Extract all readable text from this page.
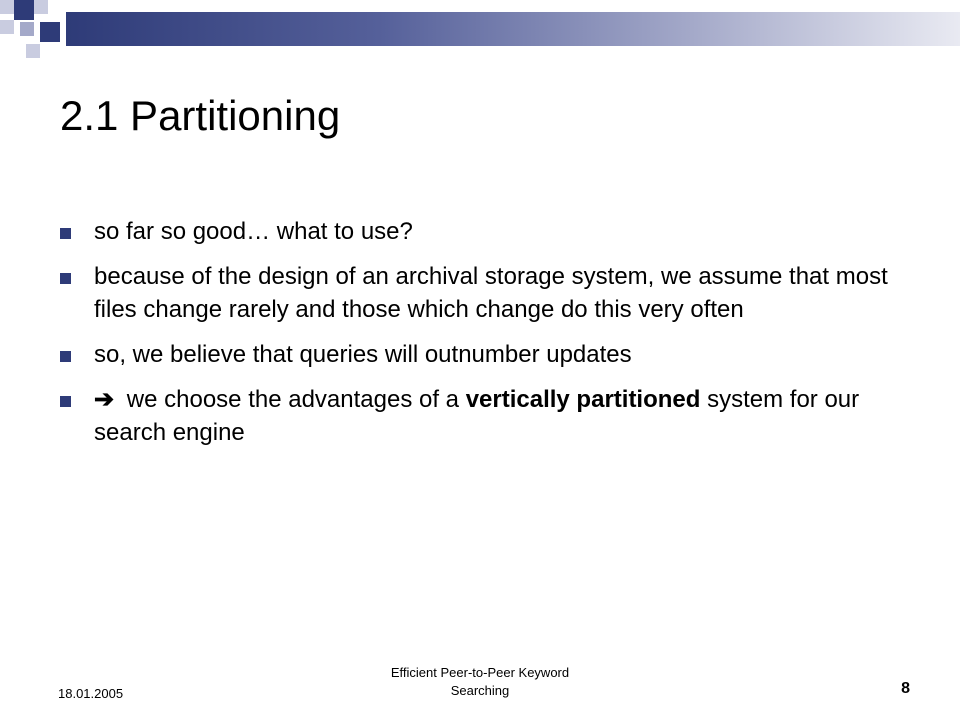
2.1 Partitioning
so far so good… what to use?
because of the design of an archival storage system, we assume that most files change rarely and those which change do this very often
so, we believe that queries will outnumber updates
➔ we choose the advantages of a vertically partitioned system for our search engine
18.01.2005
Efficient Peer-to-Peer Keyword
Searching	8
